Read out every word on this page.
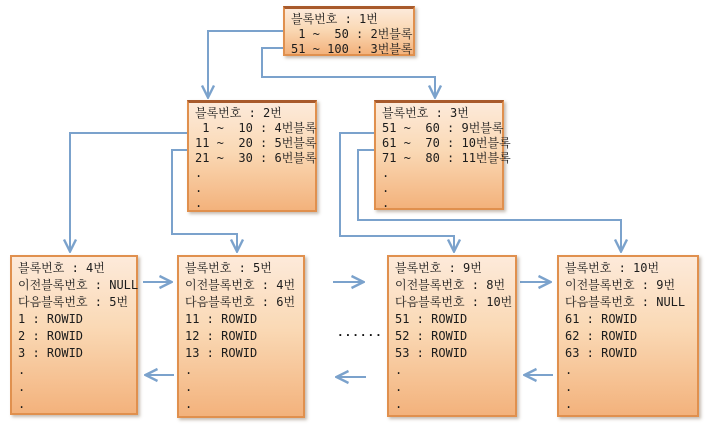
블록번호 : 1번
1 ~  50 : 2번블록
51 ~ 100 : 3번블록
블록번호 : 2번
1 ~  10 : 4번블록
11 ~  20 : 5번블록
21 ~  30 : 6번블록
.
.
.
블록번호 : 3번
51 ~  60 : 9번블록
61 ~  70 : 10번블록
71 ~  80 : 11번블록
.
.
.
블록번호 : 4번
이전블록번호 : NULL
다음블록번호 : 5번
1 : ROWID
2 : ROWID
3 : ROWID
.
.
.
블록번호 : 5번
이전블록번호 : 4번
다음블록번호 : 6번
11 : ROWID
12 : ROWID
13 : ROWID
.
.
.
......
블록번호 : 9번
이전블록번호 : 8번
다음블록번호 : 10번
51 : ROWID
52 : ROWID
53 : ROWID
.
.
.
블록번호 : 10번
이전블록번호 : 9번
다음블록번호 : NULL
61 : ROWID
62 : ROWID
63 : ROWID
.
.
.
